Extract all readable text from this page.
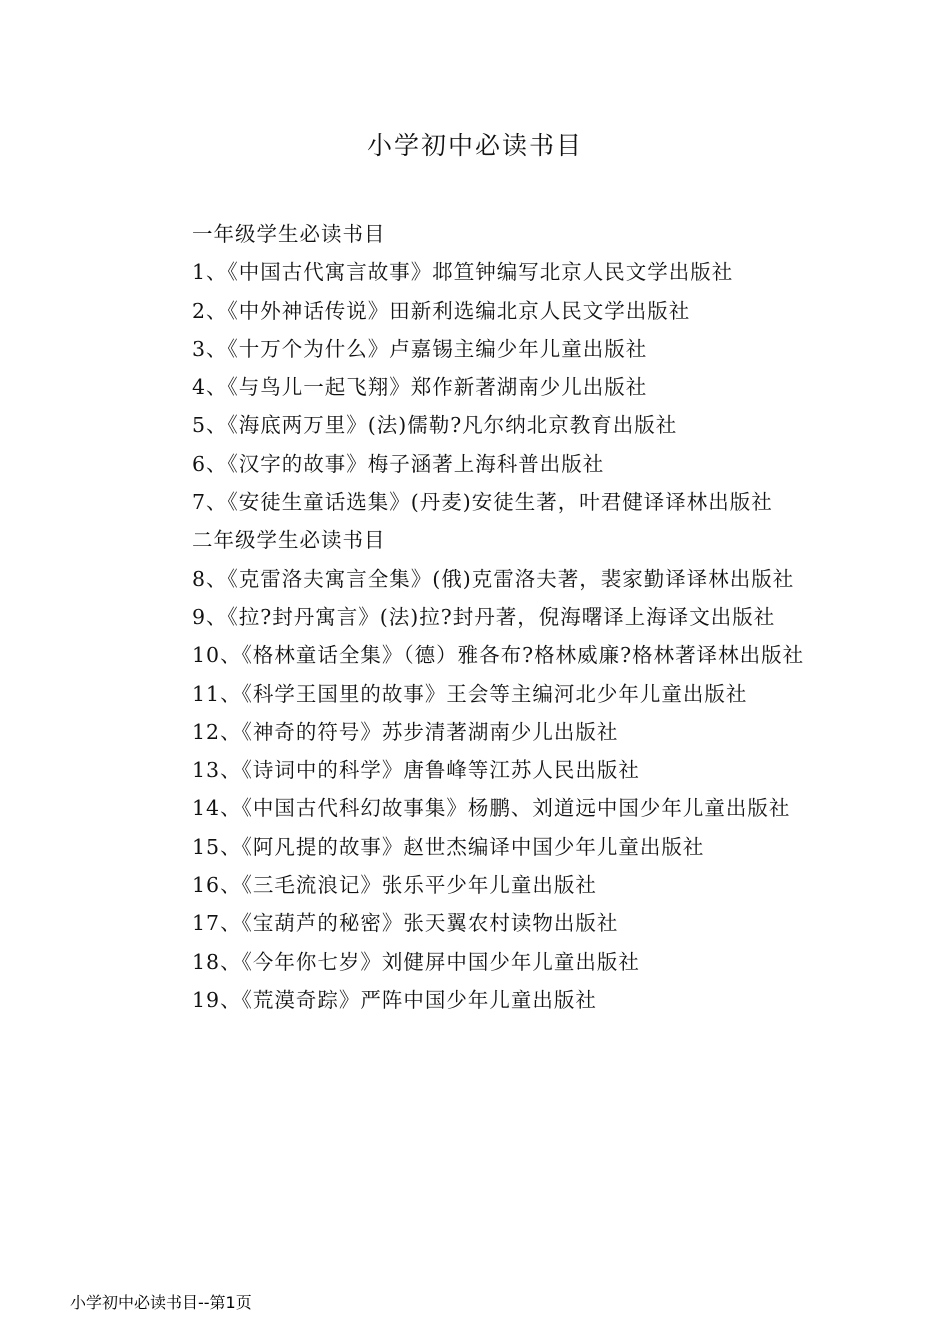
小学初中必读书目

一年级学生必读书目

1、《中国古代寓言故事》邶笪钟编写北京人民文学出版社

2、《中外神话传说》田新利选编北京人民文学出版社

3、《十万个为什么》卢嘉锡主编少年儿童出版社

4、《与鸟儿一起飞翔》郑作新著湖南少儿出版社

5、《海底两万里》(法)儒勒?凡尔纳北京教育出版社

6、《汉字的故事》梅子涵著上海科普出版社

7、《安徒生童话选集》(丹麦)安徒生著，叶君健译译林出版社

二年级学生必读书目

8、《克雷洛夫寓言全集》(俄)克雷洛夫著，裴家勤译译林出版社

9、《拉?封丹寓言》(法)拉?封丹著，倪海曙译上海译文出版社

10、《格林童话全集》（德）雅各布?格林威廉?格林著译林出版社

11、《科学王国里的故事》王会等主编河北少年儿童出版社

12、《神奇的符号》苏步清著湖南少儿出版社

13、《诗词中的科学》唐鲁峰等江苏人民出版社

14、《中国古代科幻故事集》杨鹏、刘道远中国少年儿童出版社

15、《阿凡提的故事》赵世杰编译中国少年儿童出版社

16、《三毛流浪记》张乐平少年儿童出版社

17、《宝葫芦的秘密》张天翼农村读物出版社

18、《今年你七岁》刘健屏中国少年儿童出版社

19、《荒漠奇踪》严阵中国少年儿童出版社

小学初中必读书目--第1页
